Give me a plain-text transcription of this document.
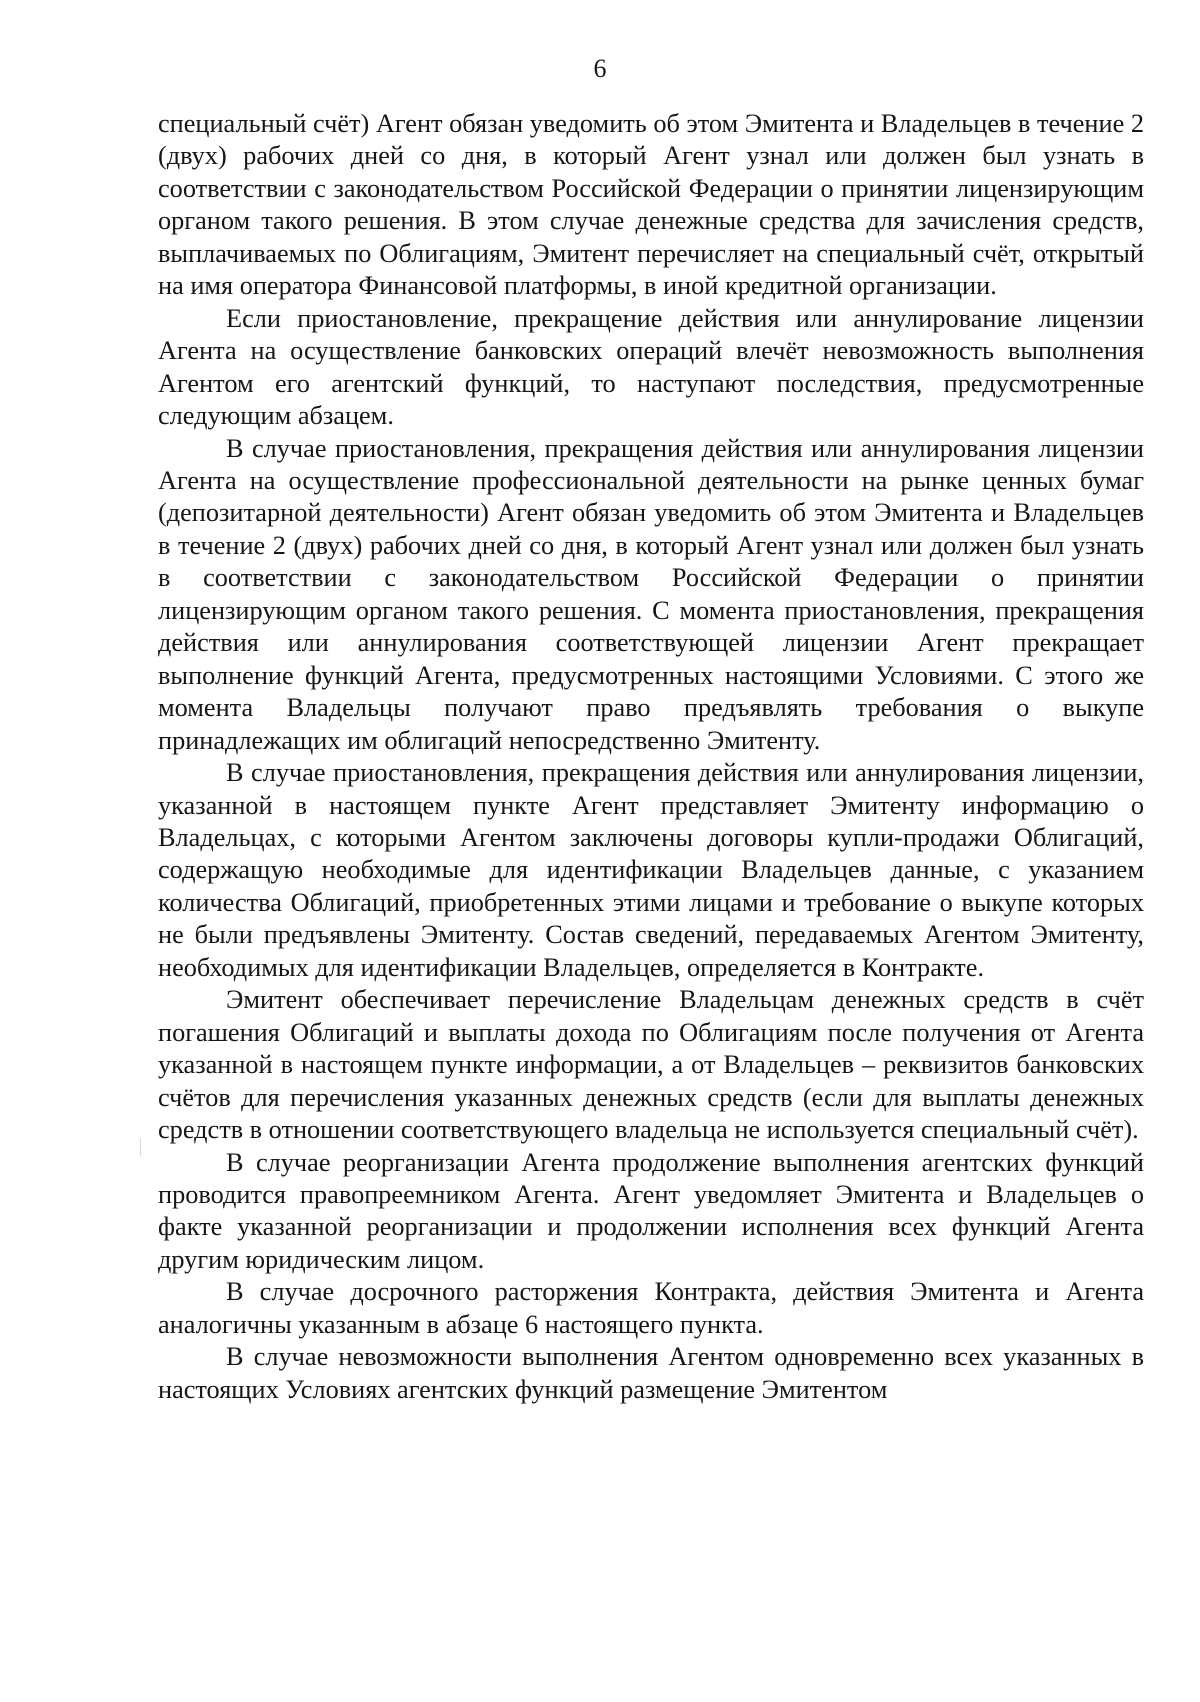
6

специальный счёт) Агент обязан уведомить об этом Эмитента и Владельцев в течение 2 (двух) рабочих дней со дня, в который Агент узнал или должен был узнать в соответствии с законодательством Российской Федерации о принятии лицензирующим органом такого решения. В этом случае денежные средства для зачисления средств, выплачиваемых по Облигациям, Эмитент перечисляет на специальный счёт, открытый на имя оператора Финансовой платформы, в иной кредитной организации.

Если приостановление, прекращение действия или аннулирование лицензии Агента на осуществление банковских операций влечёт невозможность выполнения Агентом его агентский функций, то наступают последствия, предусмотренные следующим абзацем.

В случае приостановления, прекращения действия или аннулирования лицензии Агента на осуществление профессиональной деятельности на рынке ценных бумаг (депозитарной деятельности) Агент обязан уведомить об этом Эмитента и Владельцев в течение 2 (двух) рабочих дней со дня, в который Агент узнал или должен был узнать в соответствии с законодательством Российской Федерации о принятии лицензирующим органом такого решения. С момента приостановления, прекращения действия или аннулирования соответствующей лицензии Агент прекращает выполнение функций Агента, предусмотренных настоящими Условиями. С этого же момента Владельцы получают право предъявлять требования о выкупе принадлежащих им облигаций непосредственно Эмитенту.

В случае приостановления, прекращения действия или аннулирования лицензии, указанной в настоящем пункте Агент представляет Эмитенту информацию о Владельцах, с которыми Агентом заключены договоры купли-продажи Облигаций, содержащую необходимые для идентификации Владельцев данные, с указанием количества Облигаций, приобретенных этими лицами и требование о выкупе которых не были предъявлены Эмитенту. Состав сведений, передаваемых Агентом Эмитенту, необходимых для идентификации Владельцев, определяется в Контракте.

Эмитент обеспечивает перечисление Владельцам денежных средств в счёт погашения Облигаций и выплаты дохода по Облигациям после получения от Агента указанной в настоящем пункте информации, а от Владельцев – реквизитов банковских счётов для перечисления указанных денежных средств (если для выплаты денежных средств в отношении соответствующего владельца не используется специальный счёт).

В случае реорганизации Агента продолжение выполнения агентских функций проводится правопреемником Агента. Агент уведомляет Эмитента и Владельцев о факте указанной реорганизации и продолжении исполнения всех функций Агента другим юридическим лицом.

В случае досрочного расторжения Контракта, действия Эмитента и Агента аналогичны указанным в абзаце 6 настоящего пункта.

В случае невозможности выполнения Агентом одновременно всех указанных в настоящих Условиях агентских функций размещение Эмитентом
